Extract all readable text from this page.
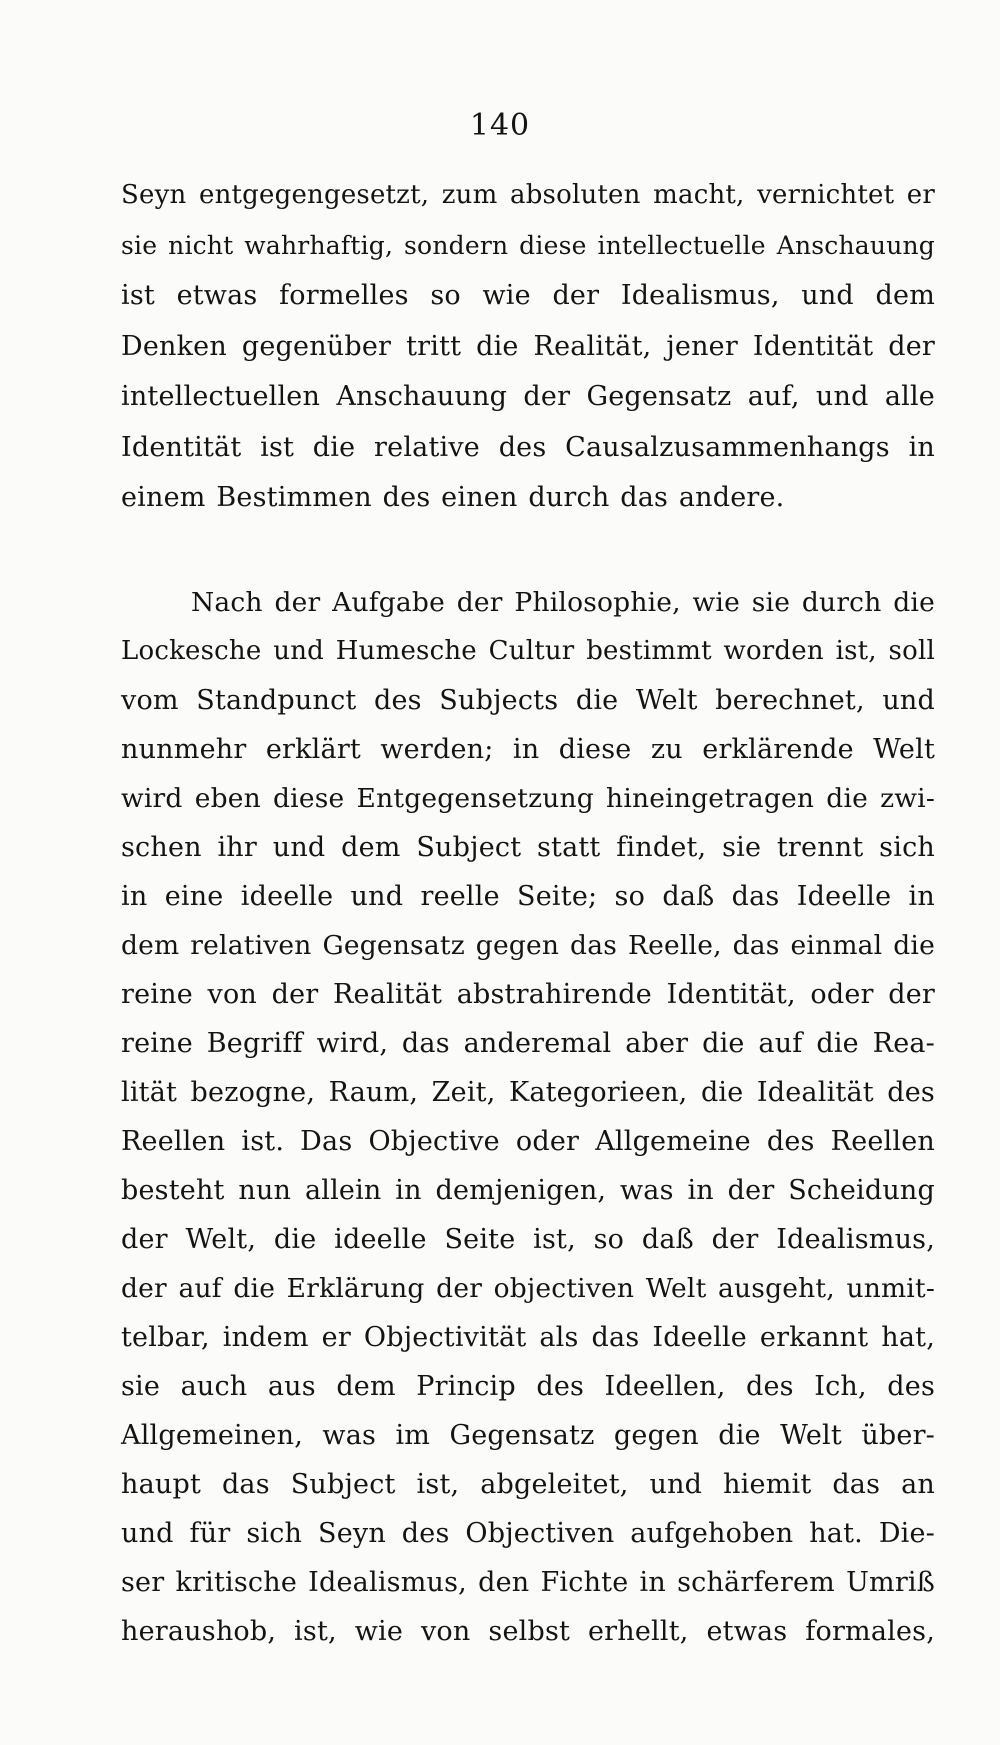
140
Seyn entgegengesetzt, zum absoluten macht, vernichtet er
sie nicht wahrhaftig, sondern diese intellectuelle Anschauung
ist etwas formelles so wie der Idealismus, und dem
Denken gegenüber tritt die Realität, jener Identität der
intellectuellen Anschauung der Gegensatz auf, und alle
Identität ist die relative des Causalzusammenhangs in
einem Bestimmen des einen durch das andere.
Nach der Aufgabe der Philosophie, wie sie durch die
Lockesche und Humesche Cultur bestimmt worden ist, soll
vom Standpunct des Subjects die Welt berechnet, und
nunmehr erklärt werden; in diese zu erklärende Welt
wird eben diese Entgegensetzung hineingetragen die zwi-
schen ihr und dem Subject statt findet, sie trennt sich
in eine ideelle und reelle Seite; so daß das Ideelle in
dem relativen Gegensatz gegen das Reelle, das einmal die
reine von der Realität abstrahirende Identität, oder der
reine Begriff wird, das anderemal aber die auf die Rea-
lität bezogne, Raum, Zeit, Kategorieen, die Idealität des
Reellen ist. Das Objective oder Allgemeine des Reellen
besteht nun allein in demjenigen, was in der Scheidung
der Welt, die ideelle Seite ist, so daß der Idealismus,
der auf die Erklärung der objectiven Welt ausgeht, unmit-
telbar, indem er Objectivität als das Ideelle erkannt hat,
sie auch aus dem Princip des Ideellen, des Ich, des
Allgemeinen, was im Gegensatz gegen die Welt über-
haupt das Subject ist, abgeleitet, und hiemit das an
und für sich Seyn des Objectiven aufgehoben hat. Die-
ser kritische Idealismus, den Fichte in schärferem Umriß
heraushob, ist, wie von selbst erhellt, etwas formales,
